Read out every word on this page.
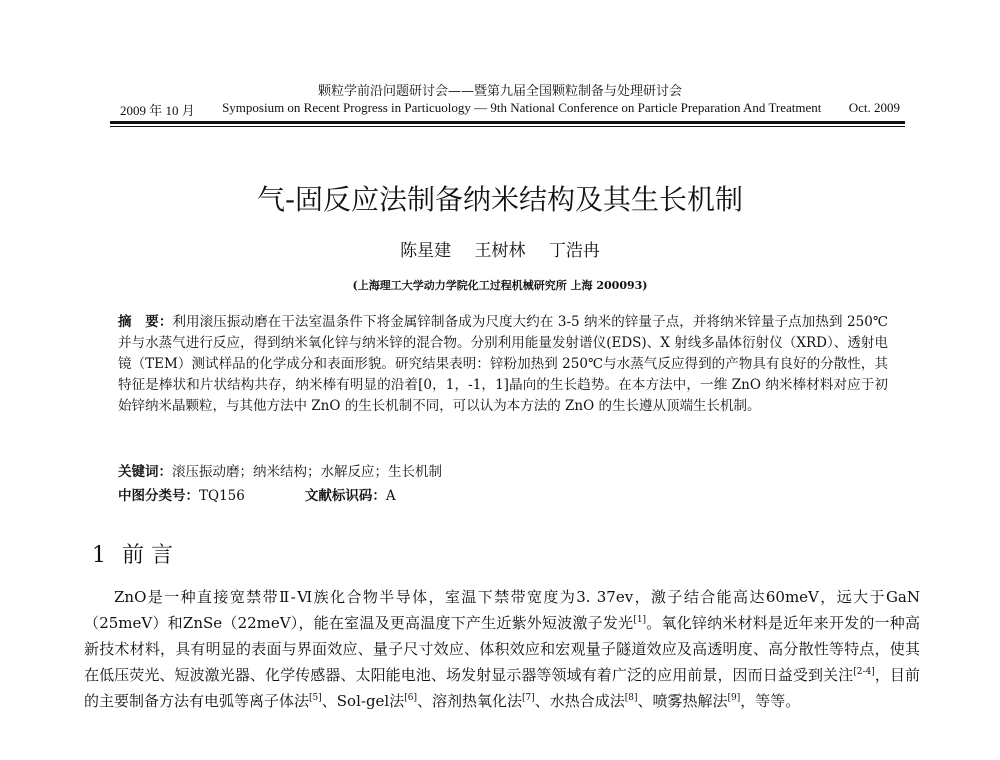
颗粒学前沿问题研讨会——暨第九届全国颗粒制备与处理研讨会
2009 年 10 月 Symposium on Recent Progress in Particuology — 9th National Conference on Particle Preparation And Treatment Oct. 2009
气-固反应法制备纳米结构及其生长机制
陈星建 王树林 丁浩冉
(上海理工大学动力学院化工过程机械研究所 上海 200093)
摘　要：利用滚压振动磨在干法室温条件下将金属锌制备成为尺度大约在 3-5 纳米的锌量子点，并将纳米锌量子点加热到 250℃并与水蒸气进行反应，得到纳米氧化锌与纳米锌的混合物。分别利用能量发射谱仪(EDS)、X 射线多晶体衍射仪（XRD）、透射电镜（TEM）测试样品的化学成分和表面形貌。研究结果表明：锌粉加热到 250℃与水蒸气反应得到的产物具有良好的分散性，其特征是棒状和片状结构共存，纳米棒有明显的沿着[0，1，-1，1]晶向的生长趋势。在本方法中，一维 ZnO 纳米棒材料对应于初始锌纳米晶颗粒，与其他方法中 ZnO 的生长机制不同，可以认为本方法的 ZnO 的生长遵从顶端生长机制。
关键词：滚压振动磨；纳米结构；水解反应；生长机制
中图分类号：TQ156	文献标识码：A
1 前 言

ZnO是一种直接宽禁带Ⅱ-Ⅵ族化合物半导体，室温下禁带宽度为3. 37ev，激子结合能高达60meV，远大于GaN（25meV）和ZnSe（22meV），能在室温及更高温度下产生近紫外短波激子发光[1]。氧化锌纳米材料是近年来开发的一种高新技术材料，具有明显的表面与界面效应、量子尺寸效应、体积效应和宏观量子隧道效应及高透明度、高分散性等特点，使其在低压荧光、短波激光器、化学传感器、太阳能电池、场发射显示器等领域有着广泛的应用前景，因而日益受到关注[2-4]，目前的主要制备方法有电弧等离子体法[5]、Sol-gel法[6]、溶剂热氧化法[7]、水热合成法[8]、喷雾热解法[9]，等等。
